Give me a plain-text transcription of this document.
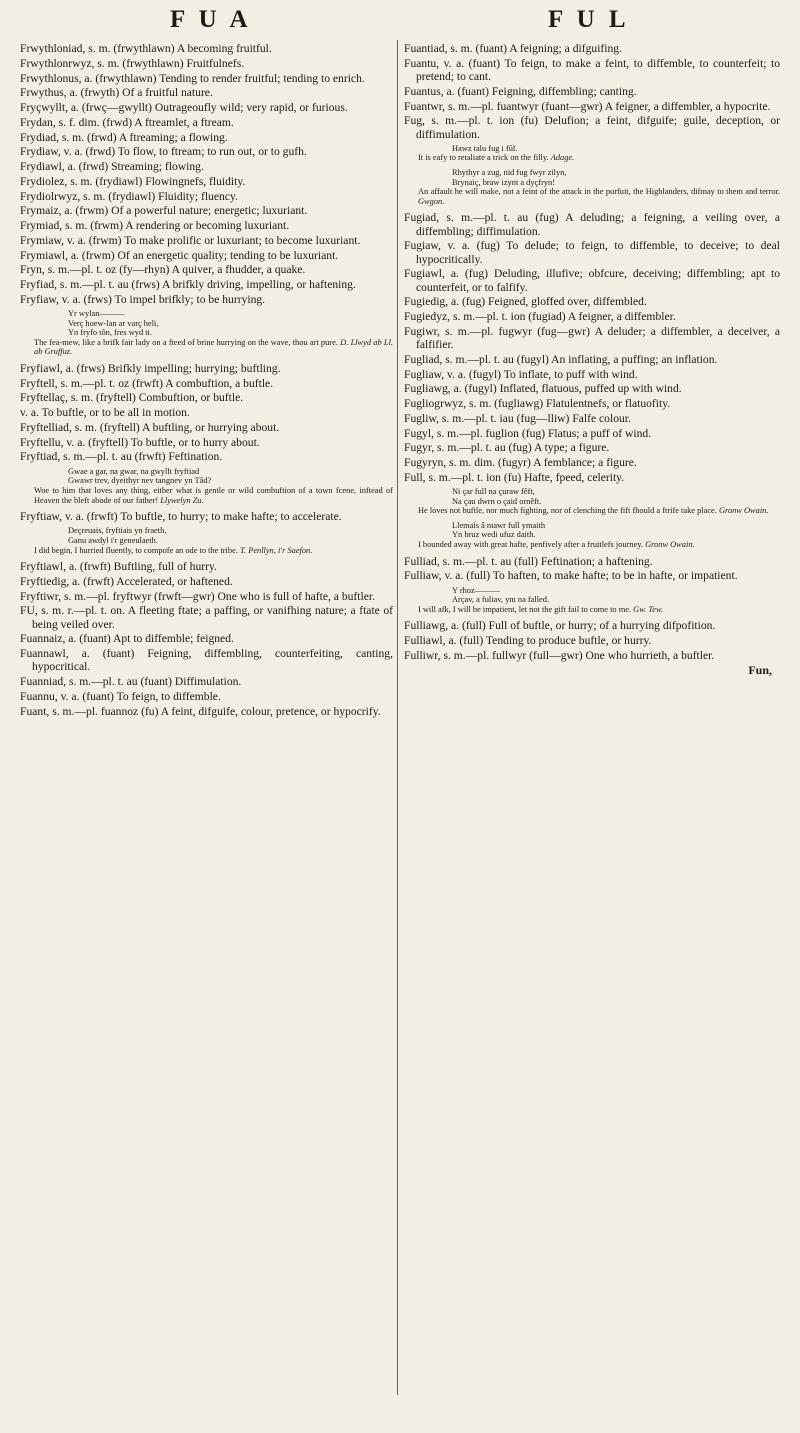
F U A	F U L
Frwythloniad, s. m. (frwythlawn) A becoming fruitful.
Frwythlonrwyz, s. m. (frwythlawn) Fruitfulnefs.
Frwythlonus, a. (frwythlawn) Tending to render fruitful; tending to enrich.
Frwythus, a. (frwyth) Of a fruitful nature.
Fryçwyllt, a. (frwç—gwyllt) Outrageoufly wild; very rapid, or furious.
Frydan, s. f. dim. (frwd) A ftreamlet, a ftream.
Frydiad, s. m. (frwd) A ftreaming; a flowing.
Frydiaw, v. a. (frwd) To flow, to ftream; to run out, or to gufh.
Frydiawl, a. (frwd) Streaming; flowing.
Frydiolez, s. m. (frydiawl) Flowingnefs, fluidity.
Frydiolrwyz, s. m. (frydiawl) Fluidity; fluency.
Frymaiz, a. (frwm) Of a powerful nature; energetic; luxuriant.
Frymiad, s. m. (frwm) A rendering or becoming luxuriant.
Frymiaw, v. a. (frwm) To make prolific or luxuriant; to become luxuriant.
Frymiawl, a. (frwm) Of an energetic quality; tending to be luxuriant.
Fryn, s. m.—pl. t. oz (fy—rhyn) A quiver, a fhudder, a quake.
Fryfiad, s. m.—pl. t. au (frws) A brifkly driving, impelling, or haftening.
Fryfiaw, v. a. (frws) To impel brifkly; to be hurrying.
Yr wylan———
Verç hoew-lan ar varç heli,
Yn fryfo tôn, fres wyd ti.
The fea-mew, like a brifk fair lady on a fteed of brine hurrying on the wave, thou art pure. D. Llwyd ab Ll. ab Gruffuz.
Fryfiawl, a. (frws) Brifkly impelling; hurrying; buftling.
Fryftell, s. m.—pl. t. oz (frwft) A combuftion, a buftle.
Fryftellaç, s. m. (fryftell) Combuftion, or buftle.
v. a. To buftle, or to be all in motion.
Fryftelliad, s. m. (fryftell) A buftling, or hurrying about.
Fryftellu, v. a. (fryftell) To buftle, or to hurry about.
Fryftiad, s. m.—pl. t. au (frwft) Feftination.
Gwae a gar, na gwar, na gwyllt fryftiad
Gwawr trev, dyeithyr nev tangnev yn Tâd?
Woe to him that loves any thing, either what is gentle or wild combuftion of a town fcene, inftead of Heaven the bleft abode of our father! Llywelyn Zu.
Fryftiaw, v. a. (frwft) To buftle, to hurry; to make hafte; to accelerate.
Deçreuais, fryftiais yn fraeth,
Ganu awdyl i'r geneulaeth.
I did begin, I hurried fluently, to compofe an ode to the tribe. T. Penllyn, i'r Saefon.
Fryftiawl, a. (frwft) Buftling, full of hurry.
Fryftiedig, a. (frwft) Accelerated, or haftened.
Fryftiwr, s. m.—pl. fryftwyr (frwft—gwr) One who is full of hafte, a buftler.
FU, s. m. r.—pl. t. on. A fleeting ftate; a paffing, or vanifhing nature; a ftate of being veiled over.
Fuannaiz, a. (fuant) Apt to diffemble; feigned.
Fuannawl, a. (fuant) Feigning, diffembling, counterfeiting, canting, hypocritical.
Fuanniad, s. m.—pl. t. au (fuant) Diffimulation.
Fuannu, v. a. (fuant) To feign, to diffemble.
Fuant, s. m.—pl. fuannoz (fu) A feint, difguife, colour, pretence, or hypocrify.
Fuantiad, s. m. (fuant) A feigning; a difguifing.
Fuantu, v. a. (fuant) To feign, to make a feint, to diffemble, to counterfeit; to pretend; to cant.
Fuantus, a. (fuant) Feigning, diffembling; canting.
Fuantwr, s. m.—pl. fuantwyr (fuant—gwr) A feigner, a diffembler, a hypocrite.
Fug, s. m.—pl. t. ion (fu) Delufion; a feint, difguife; guile, deception, or diffimulation.
Hawz talu fug i fûl.
It is eafy to retaliate a trick on the filly. Adage.
Rhythyr a zug, nid fug fwyr zilyn,
Brynaiç, braw izynt a dyçfryn!
An affault he will make, not a feint of the attack in the purfuit, the Highlanders, difmay to them and terror. Gwgon.
Fugiad, s. m.—pl. t. au (fug) A deluding; a feigning, a veiling over, a diffembling; diffimulation.
Fugiaw, v. a. (fug) To delude; to feign, to diffemble, to deceive; to deal hypocritically.
Fugiawl, a. (fug) Deluding, illufive; obfcure, deceiving; diffembling; apt to counterfeit, or to falfify.
Fugiedig, a. (fug) Feigned, gloffed over, diffembled.
Fugiedyz, s. m.—pl. t. ion (fugiad) A feigner, a diffembler.
Fugiwr, s. m.—pl. fugwyr (fug—gwr) A deluder; a diffembler, a deceiver, a falfifier.
Fugliad, s. m.—pl. t. au (fugyl) An inflating, a puffing; an inflation.
Fugliaw, v. a. (fugyl) To inflate, to puff with wind.
Fugliawg, a. (fugyl) Inflated, flatuous, puffed up with wind.
Fugliogrwyz, s. m. (fugliawg) Flatulentnefs, or flatuofity.
Fugliw, s. m.—pl. t. iau (fug—lliw) Falfe colour.
Fugyl, s. m.—pl. fuglion (fug) Flatus; a puff of wind.
Fugyr, s. m.—pl. t. au (fug) A type; a figure.
Fugyryn, s. m. dim. (fugyr) A femblance; a figure.
Full, s. m.—pl. t. ion (fu) Hafte, fpeed, celerity.
Ni çar full na çuraw fêft,
Na çau dwrn o çaid ornêft.
He loves not buftle, nor much fighting, nor of clenching the fift fhould a ftrife take place. Gronw Owain.
Llemais â mawr full ymaith
Yn bruz wedi ufuz daith.
I bounded away with great hafte, penfively after a fruitlefs journey. Gronw Owain.
Fulliad, s. m.—pl. t. au (full) Feftination; a haftening.
Fulliaw, v. a. (full) To haften, to make hafte; to be in hafte, or impatient.
Y rhoz———
Arçav, a fuliav, ym na falled.
I will afk, I will be impatient, let not the gift fail to come to me. Gw. Tew.
Fulliawg, a. (full) Full of buftle, or hurry; of a hurrying difpofition.
Fulliawl, a. (full) Tending to produce buftle, or hurry.
Fulliwr, s. m.—pl. fullwyr (full—gwr) One who hurrieth, a buftler.
Fun,
